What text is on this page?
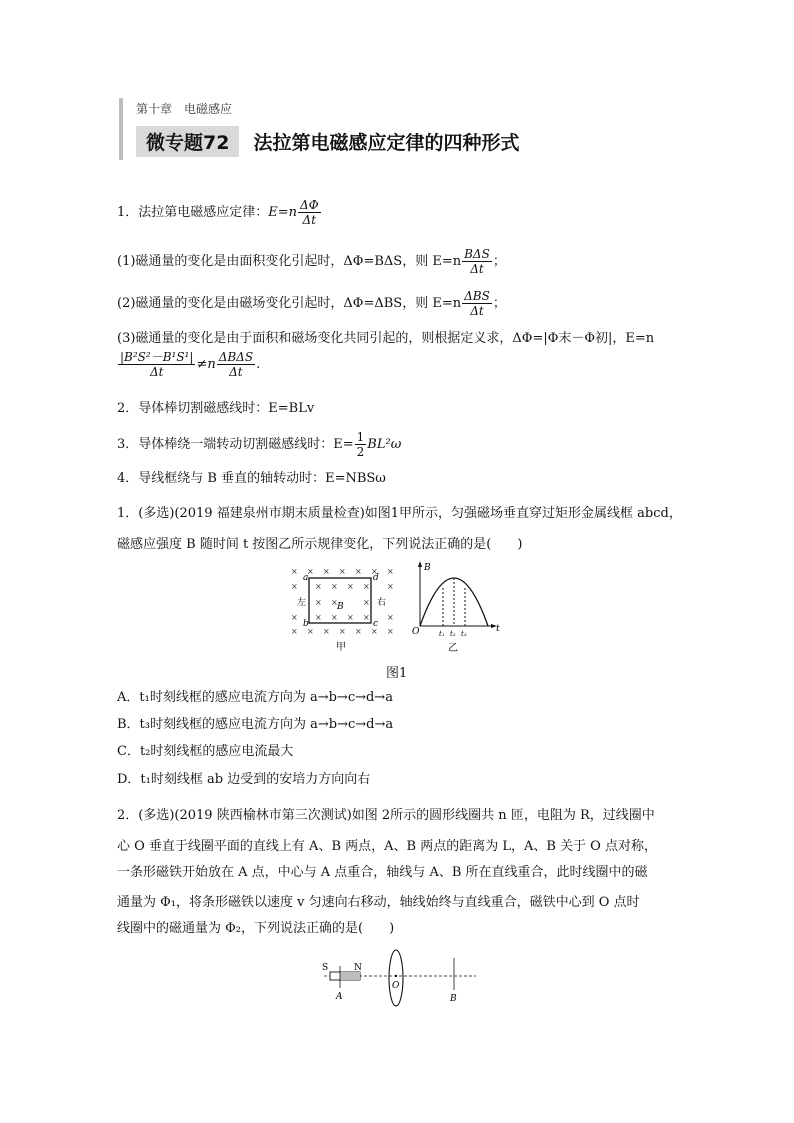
第十章 电磁感应
微专题72	法拉第电磁感应定律的四种形式
1．法拉第电磁感应定律：$E=n \frac{\Delta\Phi}{\Delta t}$
(1)磁通量的变化是由面积变化引起时，ΔΦ=BΔS，则 $E=n \frac{\text{BΔS}}{\Delta t}$ ；
(2)磁通量的变化是由磁场变化引起时，ΔΦ=ΔBS，则 $E=n \frac{\text{ΔBS}}{\Delta t}$ ；
(3)磁通量的变化是由于面积和磁场变化共同引起的，则根据定义求，ΔΦ=|Φ末－Φ初|，E=n
$\frac{\text{|B²S²－B¹S¹|}}{\Delta t} \ne n \frac{\text{ΔBΔS}}{\Delta t}$ .
2．导体棒切割磁感线时：E=BLv
3．导体棒绕一端转动切割磁感线时：$E= \frac{1}{2} BL^2\omega$
4．导线框绕与 B 垂直的轴转动时：E=NBSω
1．(多选)(2019 福建泉州市期末质量检查)如图1甲所示，匀强磁场垂直穿过矩形金属线框 abcd，
磁感应强度 B 随时间 t 按图乙所示规律变化，下列说法正确的是(　　)
× × × × × × ×
× × × × × ×
× ×	×
× × × × × ×
× × × × × × ×
a
b	c
d
B
左	右
甲
B
t
O	t₁ t₂ t₃
乙
图1
A．t₁时刻线框的感应电流方向为 a→b→c→d→a
B．t₃时刻线框的感应电流方向为 a→b→c→d→a
C．t₂时刻线框的感应电流最大
D．t₁时刻线框 ab 边受到的安培力方向向右
2．(多选)(2019 陕西榆林市第三次测试)如图 2所示的圆形线圈共 n 匝，电阻为 R，过线圈中
心 O 垂直于线圈平面的直线上有 A、B 两点，A、B 两点的距离为 L，A、B 关于 O 点对称，
一条形磁铁开始放在 A 点，中心与 A 点重合，轴线与 A、B 所在直线重合，此时线圈中的磁
通量为 Φ₁，将条形磁铁以速度 v 匀速向右移动，轴线始终与直线重合，磁铁中心到 O 点时
线圈中的磁通量为 Φ₂，下列说法正确的是(　　)
S	N
A
O
B
